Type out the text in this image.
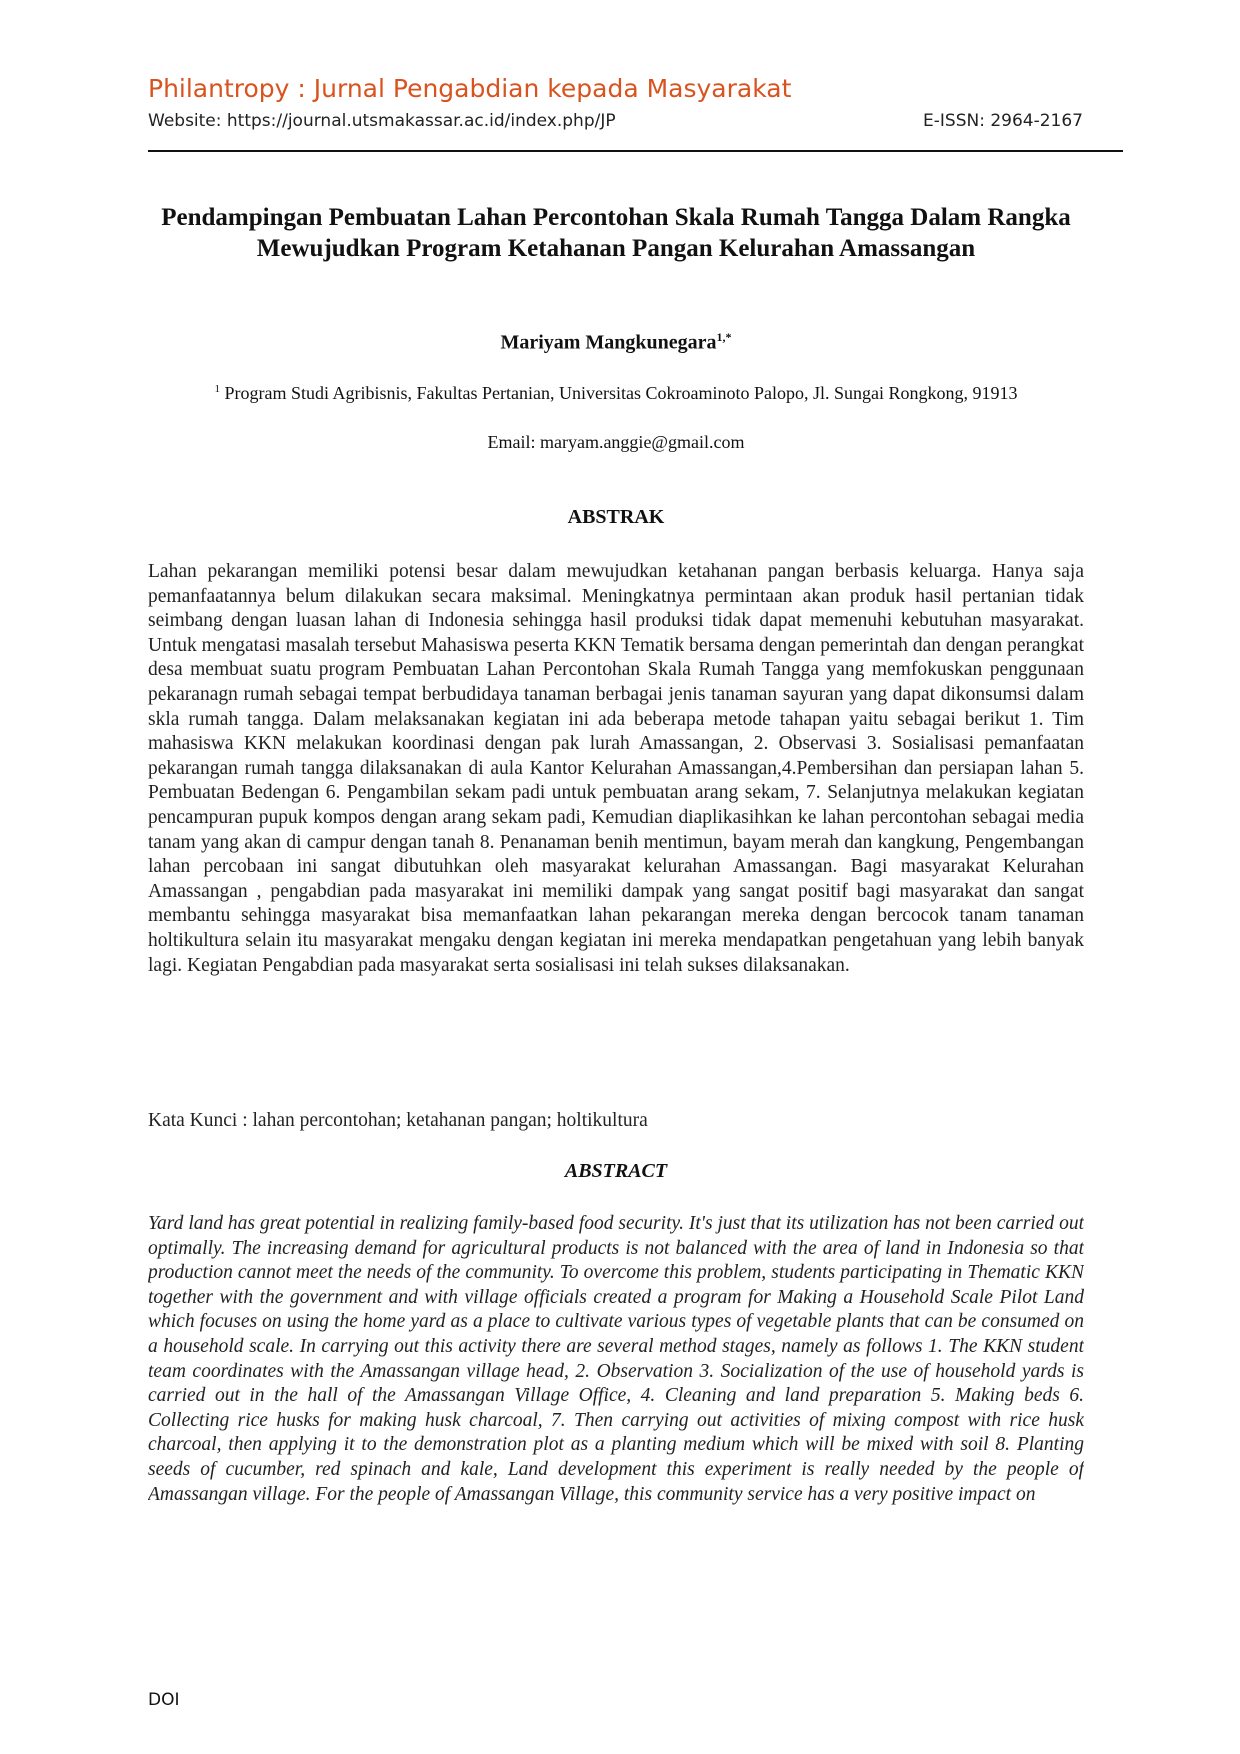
Philantropy : Jurnal Pengabdian kepada Masyarakat
Website: https://journal.utsmakassar.ac.id/index.php/JP	E-ISSN: 2964-2167
Pendampingan Pembuatan Lahan Percontohan Skala Rumah Tangga Dalam Rangka Mewujudkan Program Ketahanan Pangan Kelurahan Amassangan
Mariyam Mangkunegara$^{1,*}$
$^1$ Program Studi Agribisnis, Fakultas Pertanian, Universitas Cokroaminoto Palopo, Jl. Sungai Rongkong, 91913
Email: maryam.anggie@gmail.com
ABSTRAK

Lahan pekarangan memiliki potensi besar dalam mewujudkan ketahanan pangan berbasis keluarga. Hanya saja pemanfaatannya belum dilakukan secara maksimal. Meningkatnya permintaan akan produk hasil pertanian tidak seimbang dengan luasan lahan di Indonesia sehingga hasil produksi tidak dapat memenuhi kebutuhan masyarakat. Untuk mengatasi masalah tersebut Mahasiswa peserta KKN Tematik bersama dengan pemerintah dan dengan perangkat desa membuat suatu program Pembuatan Lahan Percontohan Skala Rumah Tangga yang memfokuskan penggunaan pekaranagn rumah sebagai tempat berbudidaya tanaman berbagai jenis tanaman sayuran yang dapat dikonsumsi dalam skla rumah tangga. Dalam melaksanakan kegiatan ini ada beberapa metode tahapan yaitu sebagai berikut 1. Tim mahasiswa KKN melakukan koordinasi dengan pak lurah Amassangan, 2. Observasi 3. Sosialisasi pemanfaatan pekarangan rumah tangga dilaksanakan di aula Kantor Kelurahan Amassangan,4.Pembersihan dan persiapan lahan 5. Pembuatan Bedengan 6. Pengambilan sekam padi untuk pembuatan arang sekam, 7. Selanjutnya melakukan kegiatan pencampuran pupuk kompos dengan arang sekam padi, Kemudian diaplikasihkan ke lahan percontohan sebagai media tanam yang akan di campur dengan tanah 8. Penanaman benih mentimun, bayam merah dan kangkung, Pengembangan lahan percobaan ini sangat dibutuhkan oleh masyarakat kelurahan Amassangan. Bagi masyarakat Kelurahan Amassangan , pengabdian pada masyarakat ini memiliki dampak yang sangat positif bagi masyarakat dan sangat membantu sehingga masyarakat bisa memanfaatkan lahan pekarangan mereka dengan bercocok tanam tanaman holtikultura selain itu masyarakat mengaku dengan kegiatan ini mereka mendapatkan pengetahuan yang lebih banyak lagi. Kegiatan Pengabdian pada masyarakat serta sosialisasi ini telah sukses dilaksanakan.

Kata Kunci : lahan percontohan; ketahanan pangan; holtikultura
ABSTRACT

Yard land has great potential in realizing family-based food security. It's just that its utilization has not been carried out optimally. The increasing demand for agricultural products is not balanced with the area of land in Indonesia so that production cannot meet the needs of the community. To overcome this problem, students participating in Thematic KKN together with the government and with village officials created a program for Making a Household Scale Pilot Land which focuses on using the home yard as a place to cultivate various types of vegetable plants that can be consumed on a household scale. In carrying out this activity there are several method stages, namely as follows 1. The KKN student team coordinates with the Amassangan village head, 2. Observation 3. Socialization of the use of household yards is carried out in the hall of the Amassangan Village Office, 4. Cleaning and land preparation 5. Making beds 6. Collecting rice husks for making husk charcoal, 7. Then carrying out activities of mixing compost with rice husk charcoal, then applying it to the demonstration plot as a planting medium which will be mixed with soil 8. Planting seeds of cucumber, red spinach and kale, Land development this experiment is really needed by the people of Amassangan village. For the people of Amassangan Village, this community service has a very positive impact on

DOI
